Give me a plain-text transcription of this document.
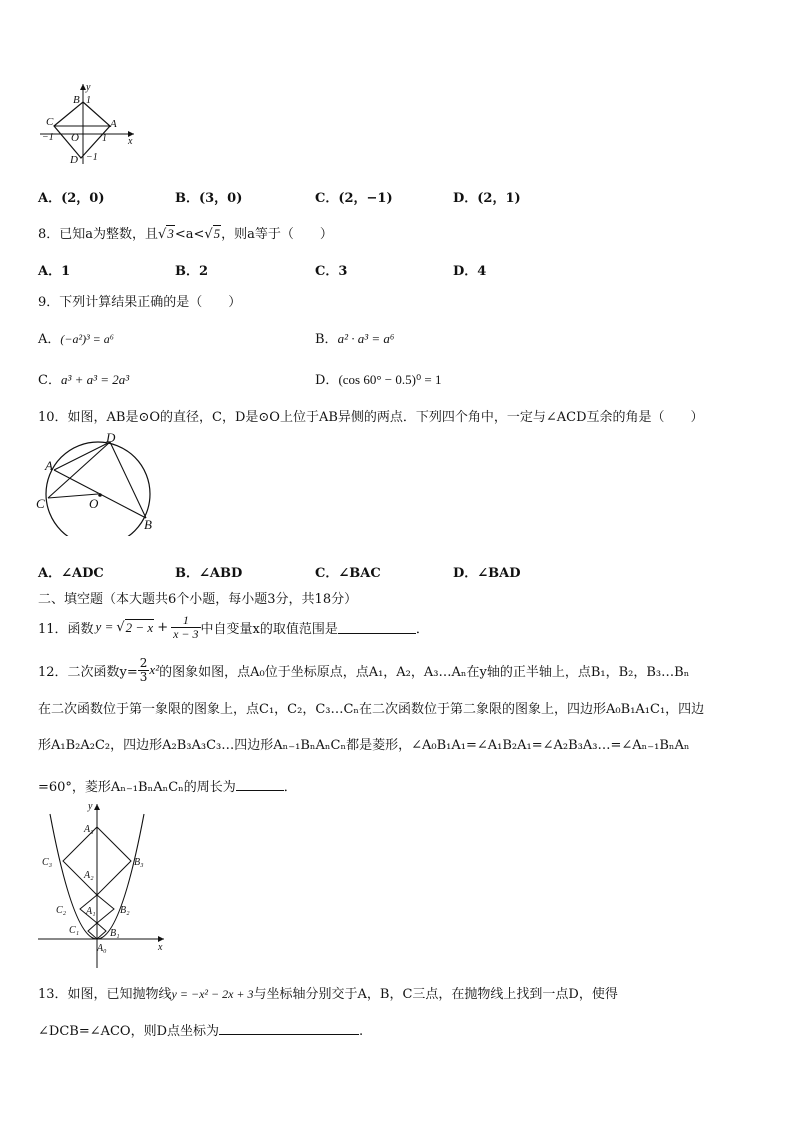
B 1
C	A
−1 O 1
D −1
x
y
A．(2，0)	B．(3，0)	C．(2，−1)	D．(2，1)
8．已知a为整数，且√3<a<√5，则a等于（　　）
A．1	B．2	C．3	D．4
9．下列计算结果正确的是（　　）
A．(−a²)³ = a⁶	B．a² · a³ = a⁶
C．a³ + a³ = 2a³	D．(cos 60° − 0.5)⁰ = 1
10．如图，AB是⊙O的直径，C，D是⊙O上位于AB异侧的两点．下列四个角中，一定与∠ACD互余的角是（　　）
D
A
C	O
B
A．∠ADC	B．∠ABD	C．∠BAC	D．∠BAD
二、填空题（本大题共6个小题，每小题3分，共18分）
11．函数 y = √ $2 - x + \frac{1}{x - 3}$ 中自变量x的取值范围是	．
12．二次函数$y= \frac{2}{3} x^2$ 的图象如图，点A₀位于坐标原点，点A₁，A₂，A₃…Aₙ在y轴的正半轴上，点B₁，B₂，B₃…Bₙ
在二次函数位于第一象限的图象上，点C₁，C₂，C₃…Cₙ在二次函数位于第二象限的图象上，四边形A₀B₁A₁C₁，四边
形A₁B₂A₂C₂，四边形A₂B₃A₃C₃…四边形Aₙ₋₁BₙAₙCₙ都是菱形，∠A₀B₁A₁=∠A₁B₂A₁=∠A₂B₃A₃…=∠Aₙ₋₁BₙAₙ
=60°，菱形Aₙ₋₁BₙAₙCₙ的周长为	．
y
x
A₃
A₂
A₁
A₀
B₃
B₂
B₁
C₃
C₂
C₁
13．如图，已知抛物线y = −x² − 2x + 3与坐标轴分别交于A，B，C三点，在抛物线上找到一点D，使得
∠DCB=∠ACO，则D点坐标为	.
